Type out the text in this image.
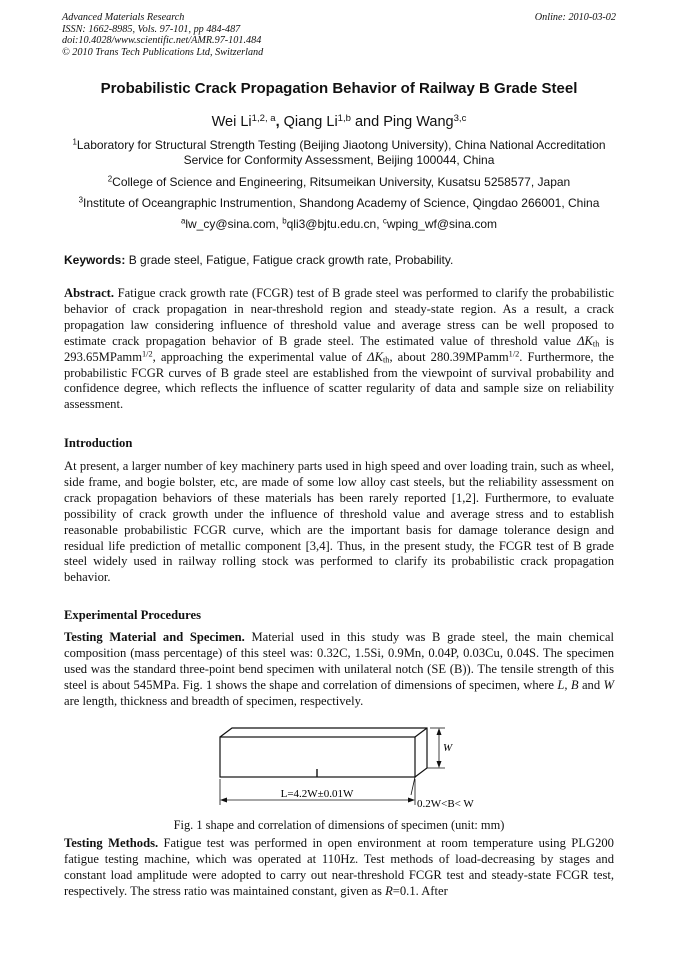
Advanced Materials Research
ISSN: 1662-8985, Vols. 97-101, pp 484-487
doi:10.4028/www.scientific.net/AMR.97-101.484
© 2010 Trans Tech Publications Ltd, Switzerland
Online: 2010-03-02
Probabilistic Crack Propagation Behavior of Railway B Grade Steel
Wei Li$^{1,2, a}$, Qiang Li$^{1,b}$ and Ping Wang$^{3,c}$
$^1$Laboratory for Structural Strength Testing (Beijing Jiaotong University), China National Accreditation Service for Conformity Assessment, Beijing 100044, China
$^2$College of Science and Engineering, Ritsumeikan University, Kusatsu 5258577, Japan
$^3$Institute of Oceangraphic Instrumention, Shandong Academy of Science, Qingdao 266001, China
$^a$lw_cy@sina.com, $^b$qli3@bjtu.edu.cn, $^c$wping_wf@sina.com
Keywords: B grade steel, Fatigue, Fatigue crack growth rate, Probability.
Abstract. Fatigue crack growth rate (FCGR) test of B grade steel was performed to clarify the probabilistic behavior of crack propagation in near-threshold region and steady-state region. As a result, a crack propagation law considering influence of threshold value and average stress can be well proposed to estimate crack propagation behavior of B grade steel. The estimated value of threshold value $\Delta K_{th}$ is 293.65MPamm$^{1/2}$, approaching the experimental value of $\Delta K_{th}$, about 280.39MPamm$^{1/2}$. Furthermore, the probabilistic FCGR curves of B grade steel are established from the viewpoint of survival probability and confidence degree, which reflects the influence of scatter regularity of data and sample size on reliability assessment.
Introduction
At present, a larger number of key machinery parts used in high speed and over loading train, such as wheel, side frame, and bogie bolster, etc, are made of some low alloy cast steels, but the reliability assessment on crack propagation behaviors of these materials has been rarely reported [1,2]. Furthermore, to evaluate possibility of crack growth under the influence of threshold value and average stress and to establish reasonable probabilistic FCGR curve, which are the important basis for damage tolerance design and residual life prediction of metallic component [3,4]. Thus, in the present study, the FCGR test of B grade steel widely used in railway rolling stock was performed to clarify its probabilistic crack propagation behavior.
Experimental Procedures
Testing Material and Specimen. Material used in this study was B grade steel, the main chemical composition (mass percentage) of this steel was: 0.32C, 1.5Si, 0.9Mn, 0.04P, 0.03Cu, 0.04S. The specimen used was the standard three-point bend specimen with unilateral notch (SE (B)). The tensile strength of this steel is about 545MPa. Fig. 1 shows the shape and correlation of dimensions of specimen, where L, B and W are length, thickness and breadth of specimen, respectively.
W
L=4.2W±0.01W
0.2W<B< W
Fig. 1 shape and correlation of dimensions of specimen (unit: mm)
Testing Methods. Fatigue test was performed in open environment at room temperature using PLG200 fatigue testing machine, which was operated at 110Hz. Test methods of load-decreasing by stages and constant load amplitude were adopted to carry out near-threshold FCGR test and steady-state FCGR test, respectively. The stress ratio was maintained constant, given as R=0.1. After
